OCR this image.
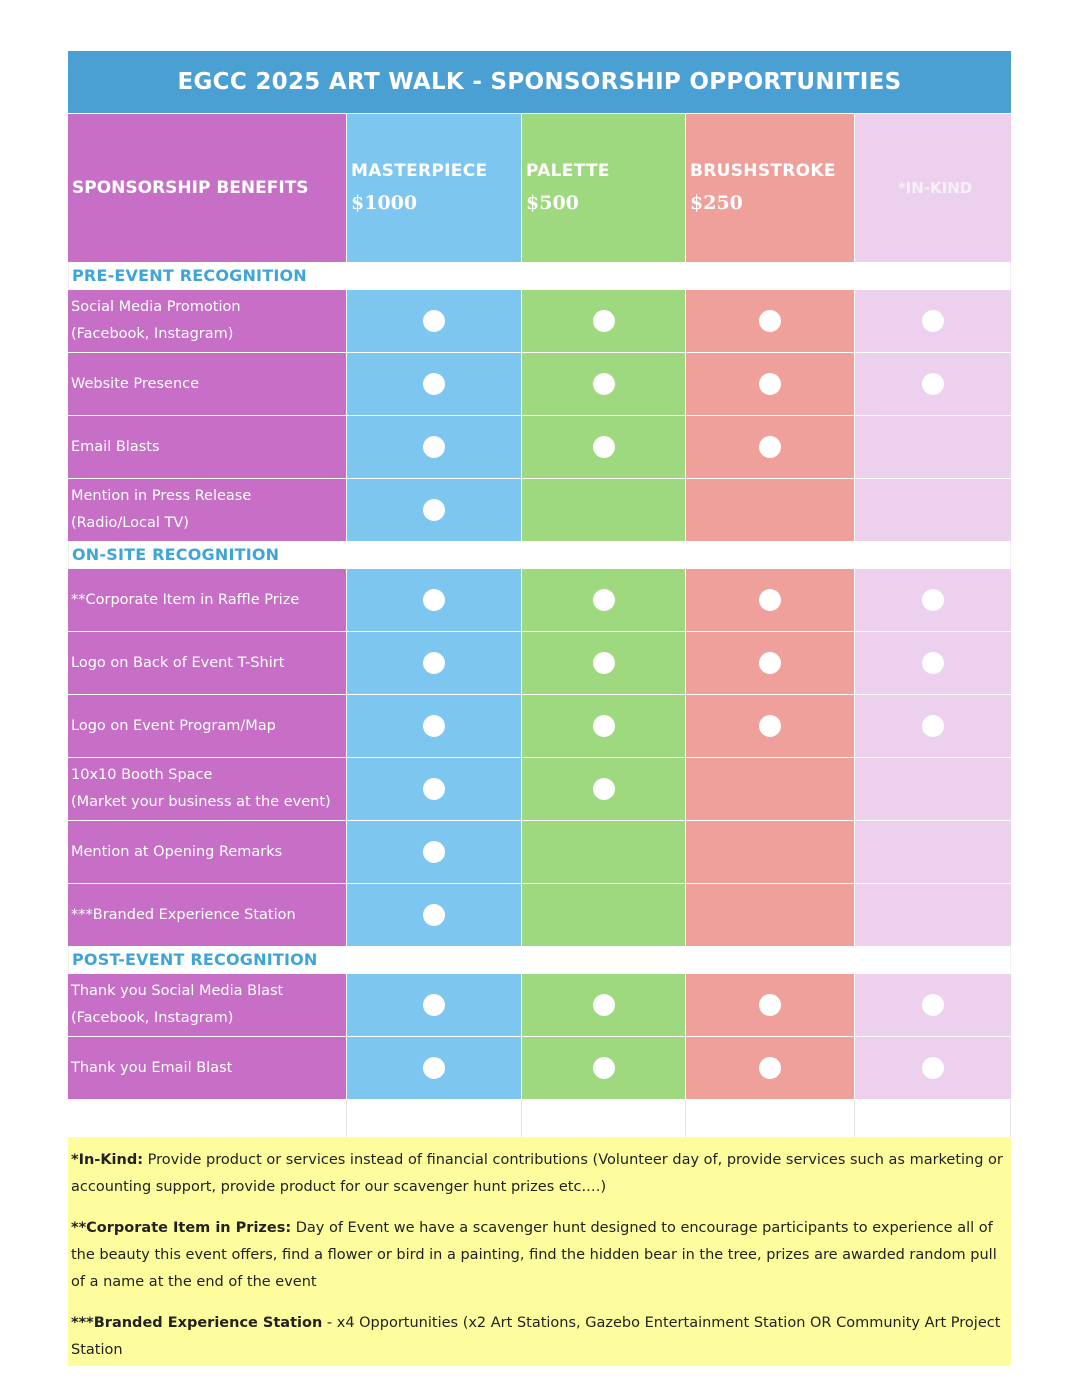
EGCC 2025 ART WALK - SPONSORSHIP OPPORTUNITIES
SPONSORSHIP BENEFITS
MASTERPIECE
$1000
PALETTE
$500
BRUSHSTROKE
$250
*IN-KIND
PRE-EVENT RECOGNITION
Social Media Promotion
(Facebook, Instagram)
Website Presence
Email Blasts
Mention in Press Release
(Radio/Local TV)
ON-SITE RECOGNITION
**Corporate Item in Raffle Prize
Logo on Back of Event T-Shirt
Logo on Event Program/Map
10x10 Booth Space
(Market your business at the event)
Mention at Opening Remarks
***Branded Experience Station
POST-EVENT RECOGNITION
Thank you Social Media Blast
(Facebook, Instagram)
Thank you Email Blast
*In-Kind: Provide product or services instead of financial contributions (Volunteer day of, provide services such as marketing or accounting support, provide product for our scavenger hunt prizes etc.…)
**Corporate Item in Prizes: Day of Event we have a scavenger hunt designed to encourage participants to experience all of the beauty this event offers, find a flower or bird in a painting, find the hidden bear in the tree, prizes are awarded random pull of a name at the end of the event
***Branded Experience Station - x4 Opportunities (x2 Art Stations, Gazebo Entertainment Station OR Community Art Project Station
